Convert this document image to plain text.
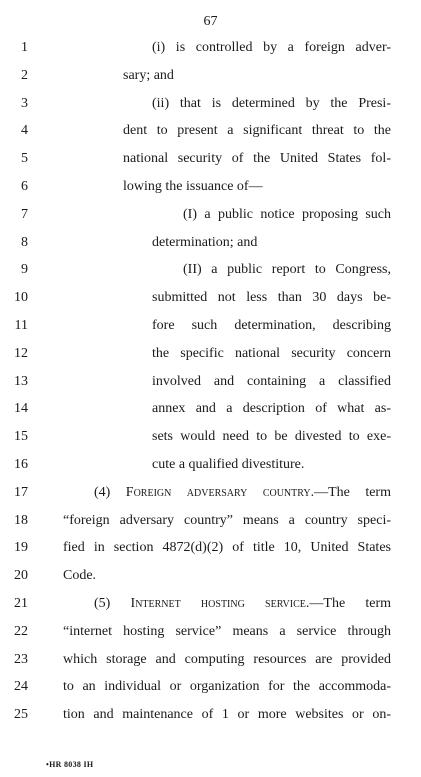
67
1
2
3
4
5
6
7
8
9
10
11
12
13
14
15
16
17
18
19
20
21
22
23
24
25
(i) is controlled by a foreign adver-
sary; and
(ii) that is determined by the Presi-
dent to present a significant threat to the
national security of the United States fol-
lowing the issuance of—
(I) a public notice proposing such
determination; and
(II) a public report to Congress,
submitted not less than 30 days be-
fore such determination, describing
the specific national security concern
involved and containing a classified
annex and a description of what as-
sets would need to be divested to exe-
cute a qualified divestiture.
(4) Foreign adversary country.—The term
“foreign adversary country” means a country speci-
fied in section 4872(d)(2) of title 10, United States
Code.
(5) Internet hosting service.—The term
“internet hosting service” means a service through
which storage and computing resources are provided
to an individual or organization for the accommoda-
tion and maintenance of 1 or more websites or on-
•HR 8038 IH
